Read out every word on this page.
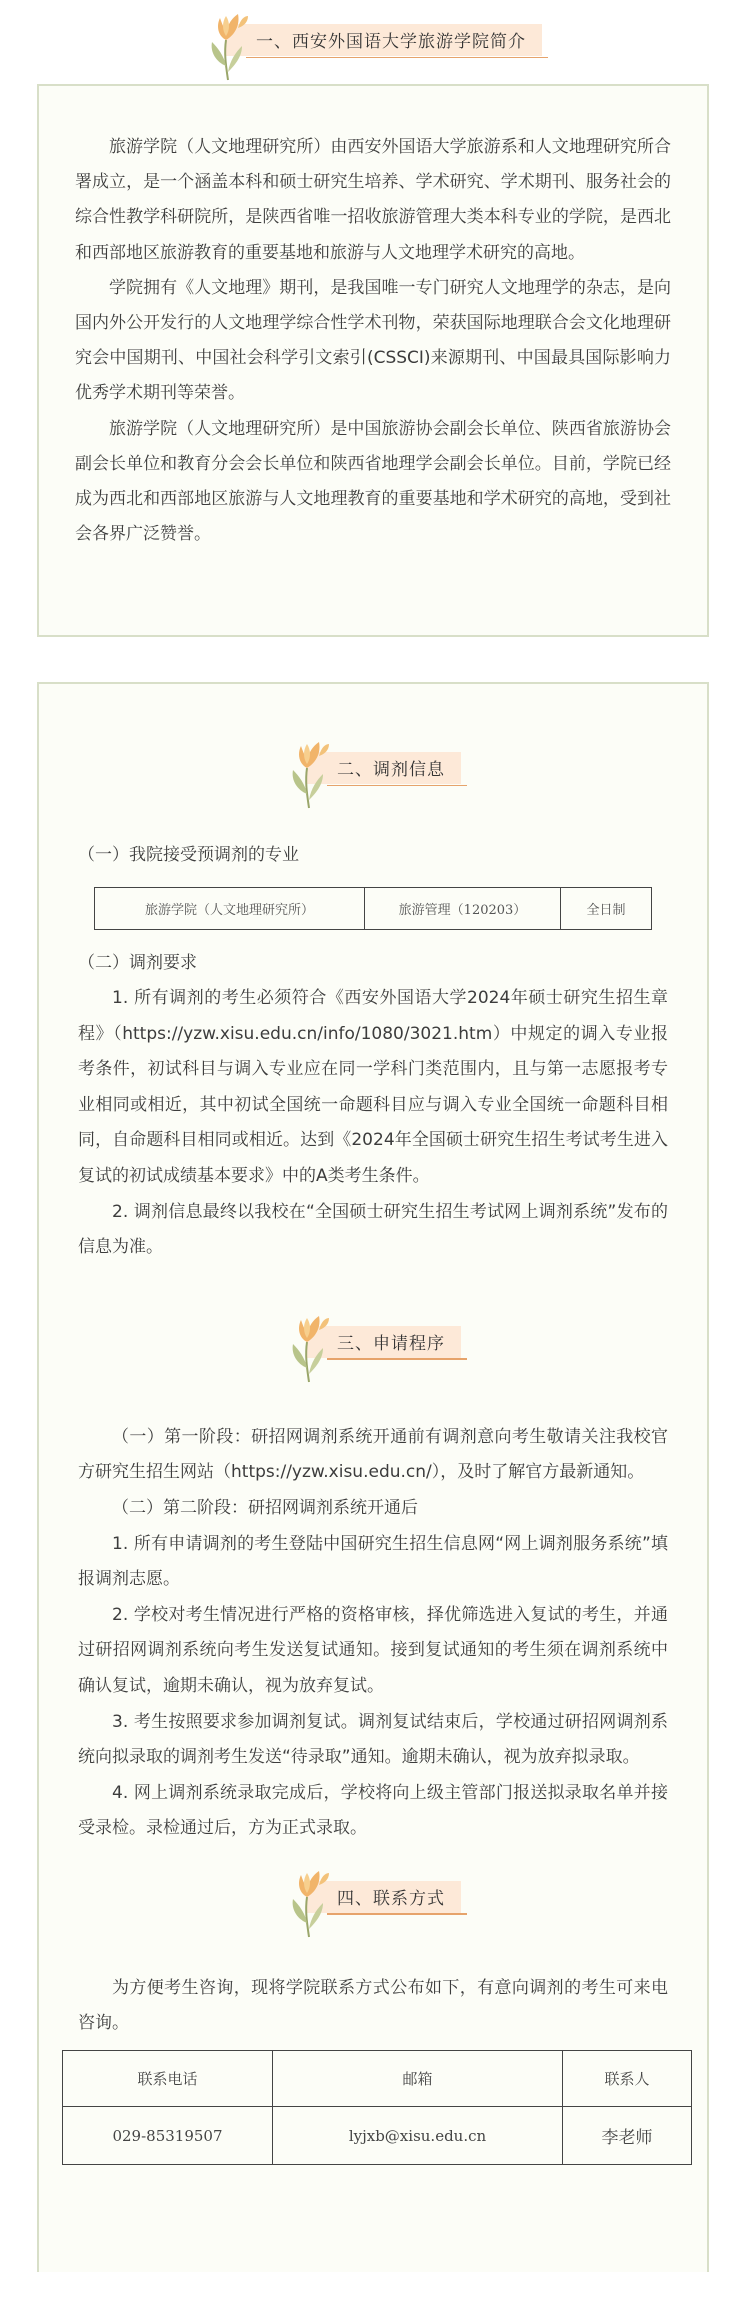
一、西安外国语大学旅游学院简介

旅游学院（人文地理研究所）由西安外国语大学旅游系和人文地理研究所合署成立，是一个涵盖本科和硕士研究生培养、学术研究、学术期刊、服务社会的综合性教学科研院所，是陕西省唯一招收旅游管理大类本科专业的学院，是西北和西部地区旅游教育的重要基地和旅游与人文地理学术研究的高地。

学院拥有《人文地理》期刊，是我国唯一专门研究人文地理学的杂志，是向国内外公开发行的人文地理学综合性学术刊物，荣获国际地理联合会文化地理研究会中国期刊、中国社会科学引文索引(CSSCI)来源期刊、中国最具国际影响力优秀学术期刊等荣誉。

旅游学院（人文地理研究所）是中国旅游协会副会长单位、陕西省旅游协会副会长单位和教育分会会长单位和陕西省地理学会副会长单位。目前，学院已经成为西北和西部地区旅游与人文地理教育的重要基地和学术研究的高地，受到社会各界广泛赞誉。

二、调剂信息

（一）我院接受预调剂的专业

旅游学院（人文地理研究所）	旅游管理（120203）	全日制

（二）调剂要求

1. 所有调剂的考生必须符合《西安外国语大学2024年硕士研究生招生章程》（https://yzw.xisu.edu.cn/info/1080/3021.htm）中规定的调入专业报考条件，初试科目与调入专业应在同一学科门类范围内，且与第一志愿报考专业相同或相近，其中初试全国统一命题科目应与调入专业全国统一命题科目相同，自命题科目相同或相近。达到《2024年全国硕士研究生招生考试考生进入复试的初试成绩基本要求》中的A类考生条件。

2. 调剂信息最终以我校在“全国硕士研究生招生考试网上调剂系统”发布的信息为准。

三、申请程序

（一）第一阶段：研招网调剂系统开通前有调剂意向考生敬请关注我校官方研究生招生网站（https://yzw.xisu.edu.cn/），及时了解官方最新通知。

（二）第二阶段：研招网调剂系统开通后

1. 所有申请调剂的考生登陆中国研究生招生信息网“网上调剂服务系统”填报调剂志愿。

2. 学校对考生情况进行严格的资格审核，择优筛选进入复试的考生，并通过研招网调剂系统向考生发送复试通知。接到复试通知的考生须在调剂系统中确认复试，逾期未确认，视为放弃复试。

3. 考生按照要求参加调剂复试。调剂复试结束后，学校通过研招网调剂系统向拟录取的调剂考生发送“待录取”通知。逾期未确认，视为放弃拟录取。

4. 网上调剂系统录取完成后，学校将向上级主管部门报送拟录取名单并接受录检。录检通过后，方为正式录取。

四、联系方式

为方便考生咨询，现将学院联系方式公布如下，有意向调剂的考生可来电咨询。

联系电话	邮箱	联系人
029-85319507	lyjxb@xisu.edu.cn	李老师
